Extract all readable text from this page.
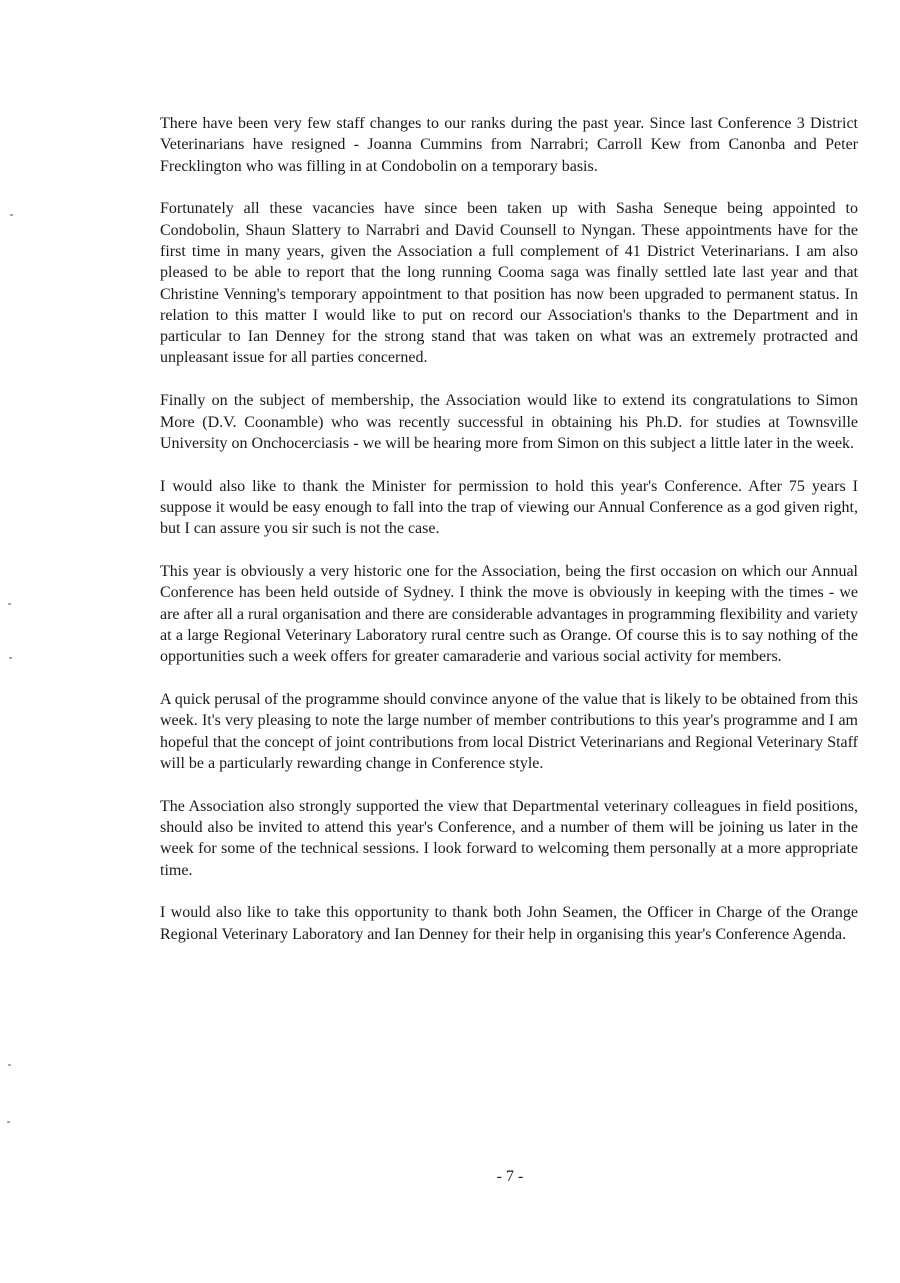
There have been very few staff changes to our ranks during the past year. Since last Conference 3 District Veterinarians have resigned - Joanna Cummins from Narrabri; Carroll Kew from Canonba and Peter Frecklington who was filling in at Condobolin on a temporary basis.

Fortunately all these vacancies have since been taken up with Sasha Seneque being appointed to Condobolin, Shaun Slattery to Narrabri and David Counsell to Nyngan. These appointments have for the first time in many years, given the Association a full complement of 41 District Veterinarians. I am also pleased to be able to report that the long running Cooma saga was finally settled late last year and that Christine Venning's temporary appointment to that position has now been upgraded to permanent status. In relation to this matter I would like to put on record our Association's thanks to the Department and in particular to Ian Denney for the strong stand that was taken on what was an extremely protracted and unpleasant issue for all parties concerned.

Finally on the subject of membership, the Association would like to extend its congratulations to Simon More (D.V. Coonamble) who was recently successful in obtaining his Ph.D. for studies at Townsville University on Onchocerciasis - we will be hearing more from Simon on this subject a little later in the week.

I would also like to thank the Minister for permission to hold this year's Conference. After 75 years I suppose it would be easy enough to fall into the trap of viewing our Annual Conference as a god given right, but I can assure you sir such is not the case.

This year is obviously a very historic one for the Association, being the first occasion on which our Annual Conference has been held outside of Sydney. I think the move is obviously in keeping with the times - we are after all a rural organisation and there are considerable advantages in programming flexibility and variety at a large Regional Veterinary Laboratory rural centre such as Orange. Of course this is to say nothing of the opportunities such a week offers for greater camaraderie and various social activity for members.

A quick perusal of the programme should convince anyone of the value that is likely to be obtained from this week. It's very pleasing to note the large number of member contributions to this year's programme and I am hopeful that the concept of joint contributions from local District Veterinarians and Regional Veterinary Staff will be a particularly rewarding change in Conference style.

The Association also strongly supported the view that Departmental veterinary colleagues in field positions, should also be invited to attend this year's Conference, and a number of them will be joining us later in the week for some of the technical sessions. I look forward to welcoming them personally at a more appropriate time.

I would also like to take this opportunity to thank both John Seamen, the Officer in Charge of the Orange Regional Veterinary Laboratory and Ian Denney for their help in organising this year's Conference Agenda.

- 7 -
